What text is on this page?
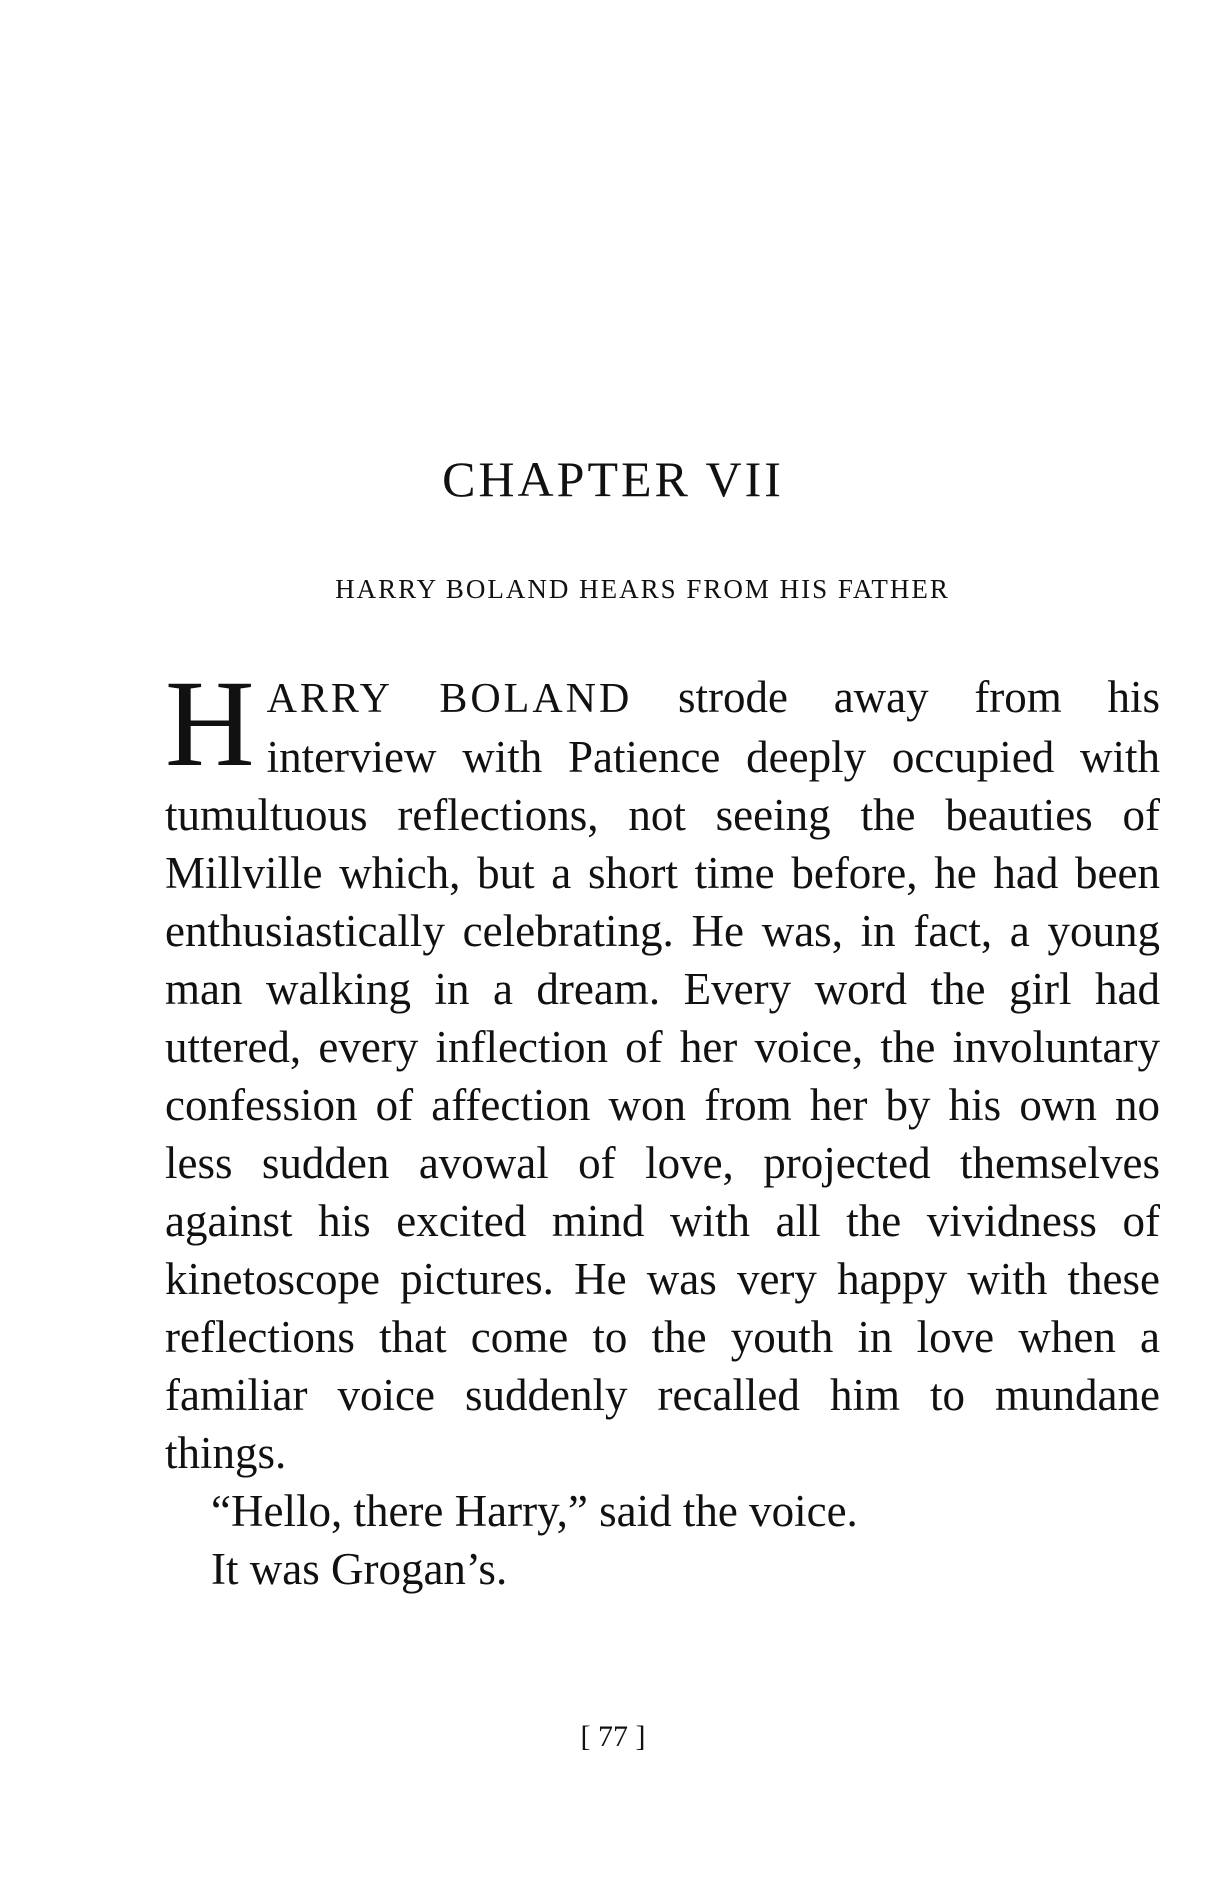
CHAPTER VII
HARRY BOLAND HEARS FROM HIS FATHER

HARRY BOLAND strode away from his interview with Patience deeply occupied with tumultuous reflections, not seeing the beauties of Millville which, but a short time before, he had been enthusiastically celebrating. He was, in fact, a young man walking in a dream. Every word the girl had uttered, every inflection of her voice, the involuntary confession of affection won from her by his own no less sudden avowal of love, projected themselves against his excited mind with all the vividness of kinetoscope pictures. He was very happy with these reflections that come to the youth in love when a familiar voice suddenly recalled him to mundane things.

“Hello, there Harry,” said the voice.

It was Grogan’s.

[ 77 ]
